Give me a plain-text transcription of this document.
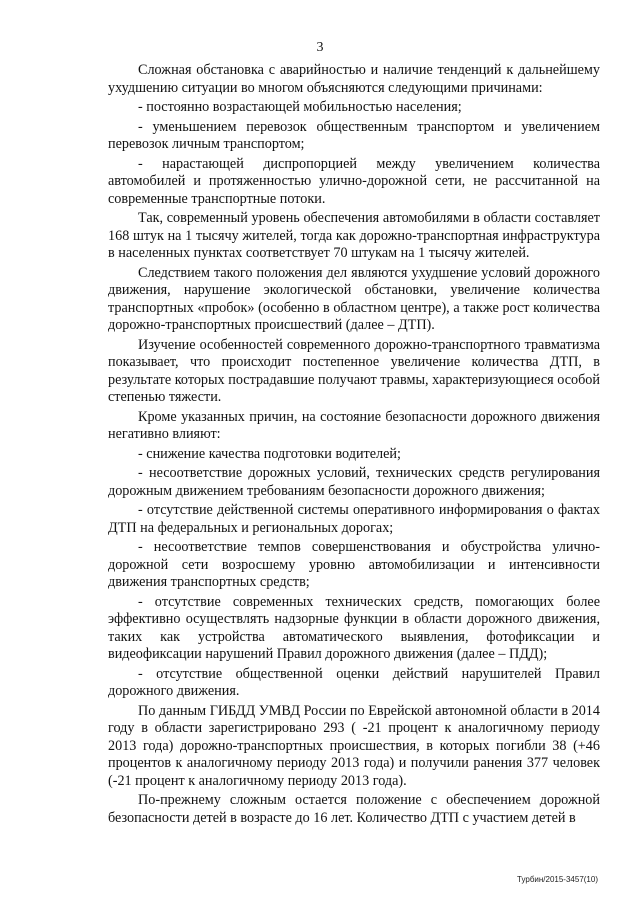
3

Сложная обстановка с аварийностью и наличие тенденций к дальнейшему ухудшению ситуации во многом объясняются следующими причинами:

- постоянно возрастающей мобильностью населения;

- уменьшением перевозок общественным транспортом и увеличением перевозок личным транспортом;

- нарастающей диспропорцией между увеличением количества автомобилей и протяженностью улично-дорожной сети, не рассчитанной на современные транспортные потоки.

Так, современный уровень обеспечения автомобилями в области составляет 168 штук на 1 тысячу жителей, тогда как дорожно-транспортная инфраструктура в населенных пунктах соответствует 70 штукам на 1 тысячу жителей.

Следствием такого положения дел являются ухудшение условий дорожного движения, нарушение экологической обстановки, увеличение количества транспортных «пробок» (особенно в областном центре), а также рост количества дорожно-транспортных происшествий (далее – ДТП).

Изучение особенностей современного дорожно-транспортного травматизма показывает, что происходит постепенное увеличение количества ДТП, в результате которых пострадавшие получают травмы, характеризующиеся особой степенью тяжести.

Кроме указанных причин, на состояние безопасности дорожного движения негативно влияют:

- снижение качества подготовки водителей;

- несоответствие дорожных условий, технических средств регулирования дорожным движением требованиям безопасности дорожного движения;

- отсутствие действенной системы оперативного информирования о фактах ДТП на федеральных и региональных дорогах;

- несоответствие темпов совершенствования и обустройства улично-дорожной сети возросшему уровню автомобилизации и интенсивности движения транспортных средств;

- отсутствие современных технических средств, помогающих более эффективно осуществлять надзорные функции в области дорожного движения, таких как устройства автоматического выявления, фотофиксации и видеофиксации нарушений Правил дорожного движения (далее – ПДД);

- отсутствие общественной оценки действий нарушителей Правил дорожного движения.

По данным ГИБДД УМВД России по Еврейской автономной области в 2014 году в области зарегистрировано 293 ( -21 процент к аналогичному периоду 2013 года) дорожно-транспортных происшествия, в которых погибли 38 (+46 процентов к аналогичному периоду 2013 года) и получили ранения 377 человек (-21 процент к аналогичному периоду 2013 года).

По-прежнему сложным остается положение с обеспечением дорожной безопасности детей в возрасте до 16 лет. Количество ДТП с участием детей в

Турбин/2015-3457(10)
